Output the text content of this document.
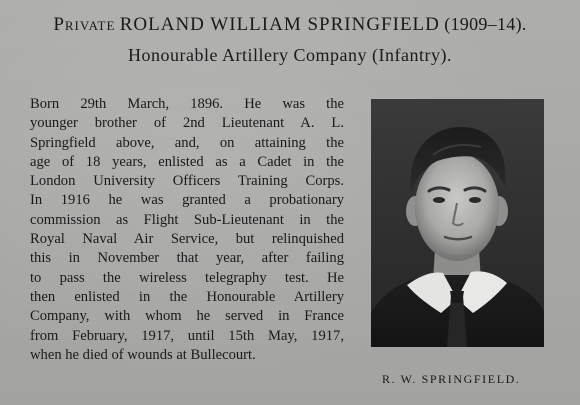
Private ROLAND WILLIAM SPRINGFIELD (1909–14).
Honourable Artillery Company (Infantry).
Born 29th March, 1896. He was the
younger brother of 2nd Lieutenant A. L.
Springfield above, and, on attaining the
age of 18 years, enlisted as a Cadet in the
London University Officers Training Corps.
In 1916 he was granted a probationary
commission as Flight Sub-Lieutenant in the
Royal Naval Air Service, but relinquished
this in November that year, after failing
to pass the wireless telegraphy test. He
then enlisted in the Honourable Artillery
Company, with whom he served in France
from February, 1917, until 15th May, 1917,
when he died of wounds at Bullecourt.
R. W. SPRINGFIELD.
